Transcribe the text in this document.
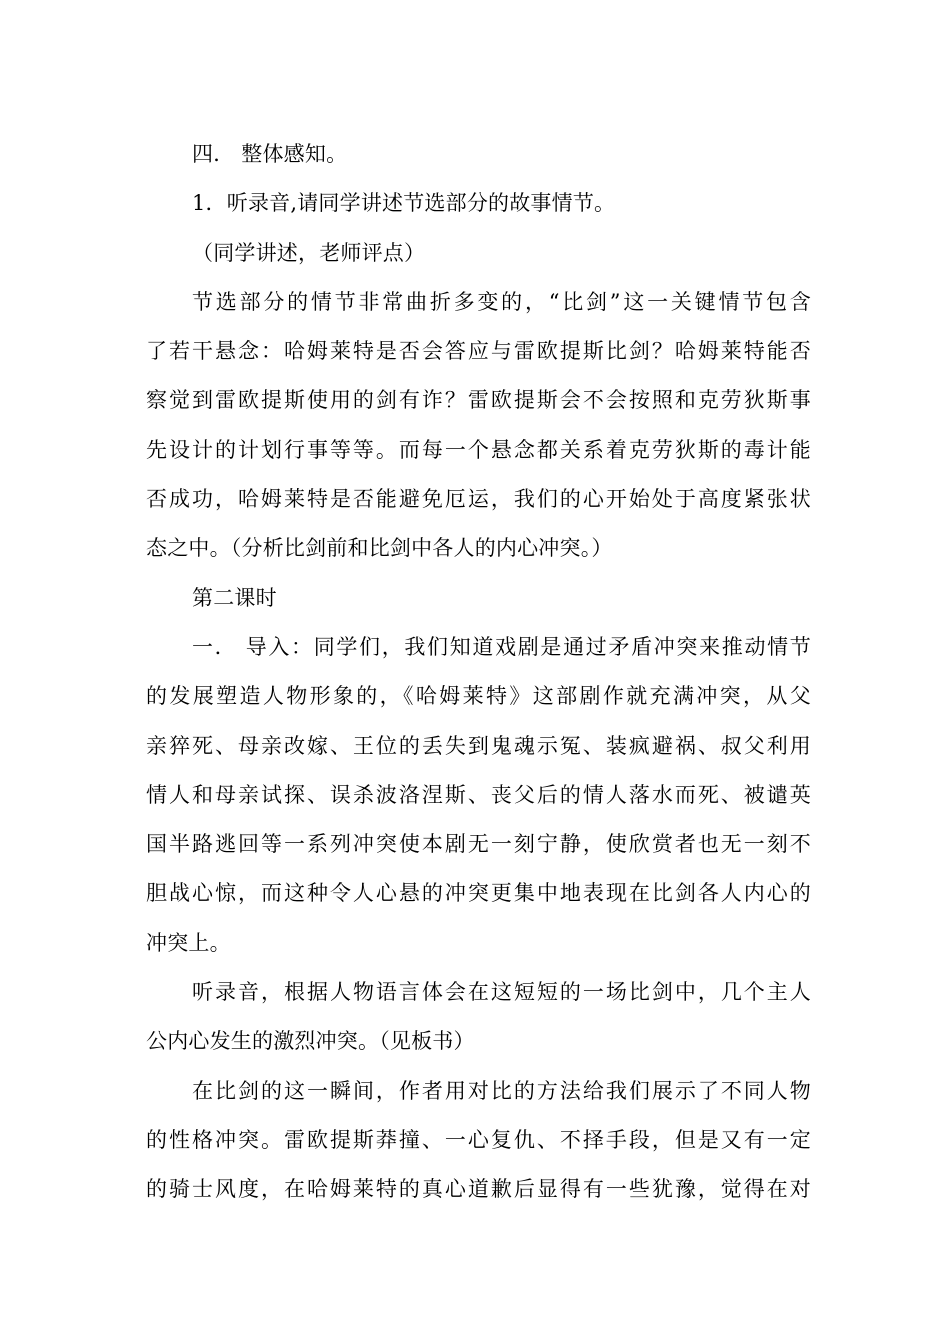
四． 整体感知。
1．听录音,请同学讲述节选部分的故事情节。
（同学讲述，老师评点）
节选部分的情节非常曲折多变的，“比剑”这一关键情节包含
了若干悬念：哈姆莱特是否会答应与雷欧提斯比剑？哈姆莱特能否
察觉到雷欧提斯使用的剑有诈？雷欧提斯会不会按照和克劳狄斯事
先设计的计划行事等等。而每一个悬念都关系着克劳狄斯的毒计能
否成功，哈姆莱特是否能避免厄运，我们的心开始处于高度紧张状
态之中。（分析比剑前和比剑中各人的内心冲突。）
第二课时
一． 导入：同学们，我们知道戏剧是通过矛盾冲突来推动情节
的发展塑造人物形象的，《哈姆莱特》这部剧作就充满冲突，从父
亲猝死、母亲改嫁、王位的丢失到鬼魂示冤、装疯避祸、叔父利用
情人和母亲试探、误杀波洛涅斯、丧父后的情人落水而死、被谴英
国半路逃回等一系列冲突使本剧无一刻宁静，使欣赏者也无一刻不
胆战心惊，而这种令人心悬的冲突更集中地表现在比剑各人内心的
冲突上。
听录音，根据人物语言体会在这短短的一场比剑中，几个主人
公内心发生的激烈冲突。（见板书）
在比剑的这一瞬间，作者用对比的方法给我们展示了不同人物
的性格冲突。雷欧提斯莽撞、一心复仇、不择手段，但是又有一定
的骑士风度，在哈姆莱特的真心道歉后显得有一些犹豫，觉得在对
